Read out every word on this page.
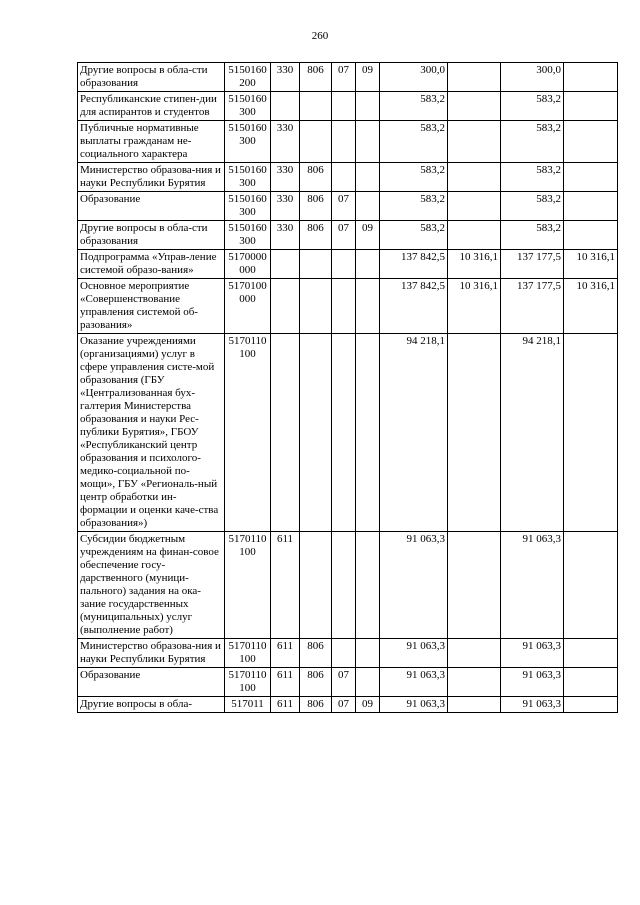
260
Другие вопросы в обла-сти образования	5150160200	330	806	07	09	300,0		300,0	
Республиканские стипен-дии для аспирантов и студентов	5150160300					583,2		583,2	
Публичные нормативные выплаты гражданам не-социального характера	5150160300	330				583,2		583,2	
Министерство образова-ния и науки Республики Бурятия	5150160300	330	806			583,2		583,2	
Образование	5150160300	330	806	07		583,2		583,2	
Другие вопросы в обла-сти образования	5150160300	330	806	07	09	583,2		583,2	
Подпрограмма «Управ-ление системой образо-вания»	5170000000					137 842,5	10 316,1	137 177,5	10 316,1
Основное мероприятие «Совершенствование управления системой об-разования»	5170100000					137 842,5	10 316,1	137 177,5	10 316,1
Оказание учреждениями (организациями) услуг в сфере управления систе-мой образования (ГБУ «Централизованная бух-галтерия Министерства образования и науки Рес-публики Бурятия», ГБОУ «Республиканский центр образования и психолого-медико-социальной по-мощи», ГБУ «Региональ-ный центр обработки ин-формации и оценки каче-ства образования»)	5170110100					94 218,1		94 218,1	
Субсидии бюджетным учреждениям на финан-совое обеспечение госу-дарственного (муници-пального) задания на ока-зание государственных (муниципальных) услуг (выполнение работ)	5170110100	611				91 063,3		91 063,3	
Министерство образова-ния и науки Республики Бурятия	5170110100	611	806			91 063,3		91 063,3	
Образование	5170110100	611	806	07		91 063,3		91 063,3	
Другие вопросы в обла-	517011	611	806	07	09	91 063,3		91 063,3	
